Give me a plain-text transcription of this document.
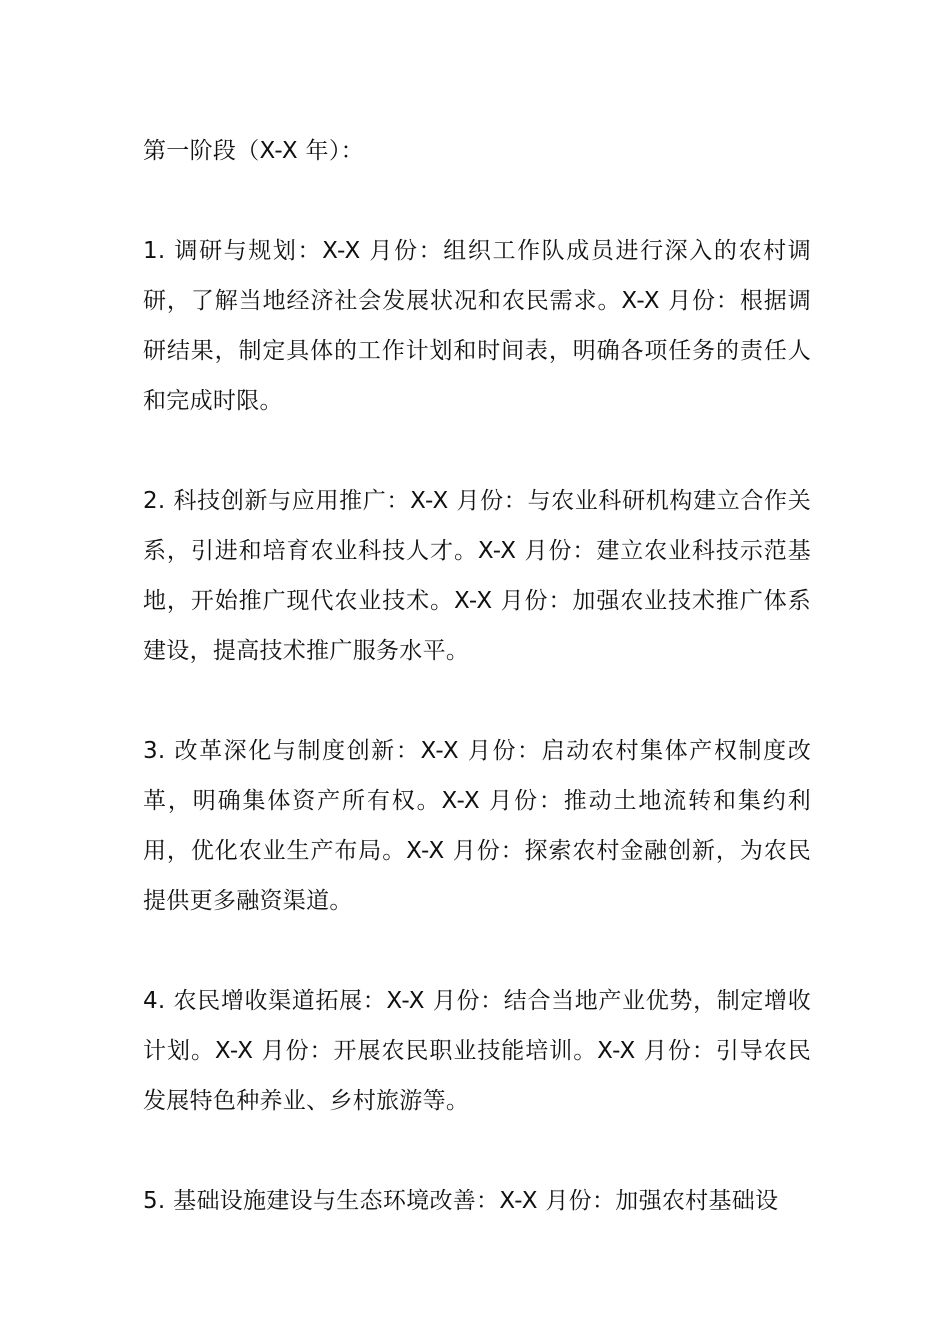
第一阶段（X-X 年）：

1. 调研与规划：X-X 月份：组织工作队成员进行深入的农村调研，了解当地经济社会发展状况和农民需求。X-X 月份：根据调研结果，制定具体的工作计划和时间表，明确各项任务的责任人和完成时限。

2. 科技创新与应用推广：X-X 月份：与农业科研机构建立合作关系，引进和培育农业科技人才。X-X 月份：建立农业科技示范基地，开始推广现代农业技术。X-X 月份：加强农业技术推广体系建设，提高技术推广服务水平。

3. 改革深化与制度创新：X-X 月份：启动农村集体产权制度改革，明确集体资产所有权。X-X 月份：推动土地流转和集约利用，优化农业生产布局。X-X 月份：探索农村金融创新，为农民提供更多融资渠道。

4. 农民增收渠道拓展：X-X 月份：结合当地产业优势，制定增收计划。X-X 月份：开展农民职业技能培训。X-X 月份：引导农民发展特色种养业、乡村旅游等。

5. 基础设施建设与生态环境改善：X-X 月份：加强农村基础设
